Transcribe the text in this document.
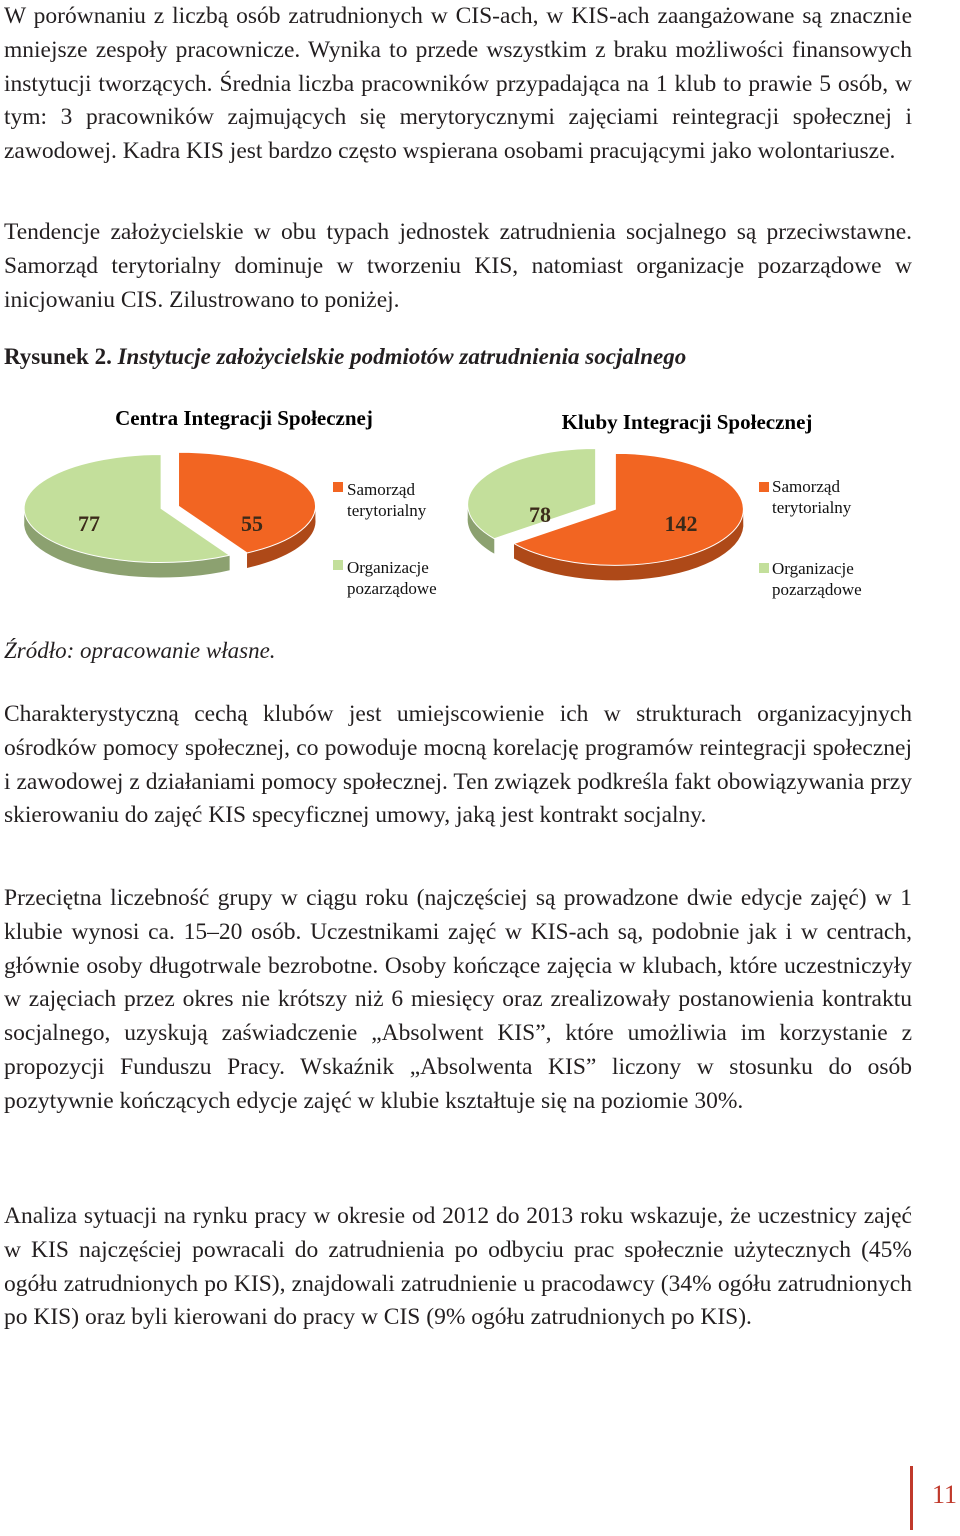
W porównaniu z liczbą osób zatrudnionych w CIS-ach, w KIS-ach zaangażowane są znacznie mniejsze zespoły pracownicze. Wynika to przede wszystkim z braku możliwości finansowych instytucji tworzących. Średnia liczba pracowników przypadająca na 1 klub to prawie 5 osób, w tym: 3 pracowników zajmujących się merytorycznymi zajęciami reintegracji społecznej i zawodowej. Kadra KIS jest bardzo często wspierana osobami pracującymi jako wolontariusze.
Tendencje założycielskie w obu typach jednostek zatrudnienia socjalnego są przeciwstawne. Samorząd terytorialny dominuje w tworzeniu KIS, natomiast organizacje pozarządowe w inicjowaniu CIS. Zilustrowano to poniżej.
Rysunek 2. Instytucje założycielskie podmiotów zatrudnienia socjalnego
Centra Integracji Społecznej
55
77
Samorząd terytorialny
Organizacje pozarządowe
Kluby Integracji Społecznej
142
78
Samorząd terytorialny
Organizacje pozarządowe
Źródło: opracowanie własne.
Charakterystyczną cechą klubów jest umiejscowienie ich w strukturach organizacyjnych ośrodków pomocy społecznej, co powoduje mocną korelację programów reintegracji społecznej i zawodowej z działaniami pomocy społecznej. Ten związek podkreśla fakt obowiązywania przy skierowaniu do zajęć KIS specyficznej umowy, jaką jest kontrakt socjalny.
Przeciętna liczebność grupy w ciągu roku (najczęściej są prowadzone dwie edycje zajęć) w 1 klubie wynosi ca. 15–20 osób. Uczestnikami zajęć w KIS-ach są, podobnie jak i w centrach, głównie osoby długotrwale bezrobotne. Osoby kończące zajęcia w klubach, które uczestniczyły w zajęciach przez okres nie krótszy niż 6 miesięcy oraz zrealizowały postanowienia kontraktu socjalnego, uzyskują zaświadczenie „Absolwent KIS”, które umożliwia im korzystanie z propozycji Funduszu Pracy. Wskaźnik „Absolwenta KIS” liczony w stosunku do osób pozytywnie kończących edycje zajęć w klubie kształtuje się na poziomie 30%.
Analiza sytuacji na rynku pracy w okresie od 2012 do 2013 roku wskazuje, że uczestnicy zajęć w KIS najczęściej powracali do zatrudnienia po odbyciu prac społecznie użytecznych (45% ogółu zatrudnionych po KIS), znajdowali zatrudnienie u pracodawcy (34% ogółu zatrudnionych po KIS) oraz byli kierowani do pracy w CIS (9% ogółu zatrudnionych po KIS).
11
